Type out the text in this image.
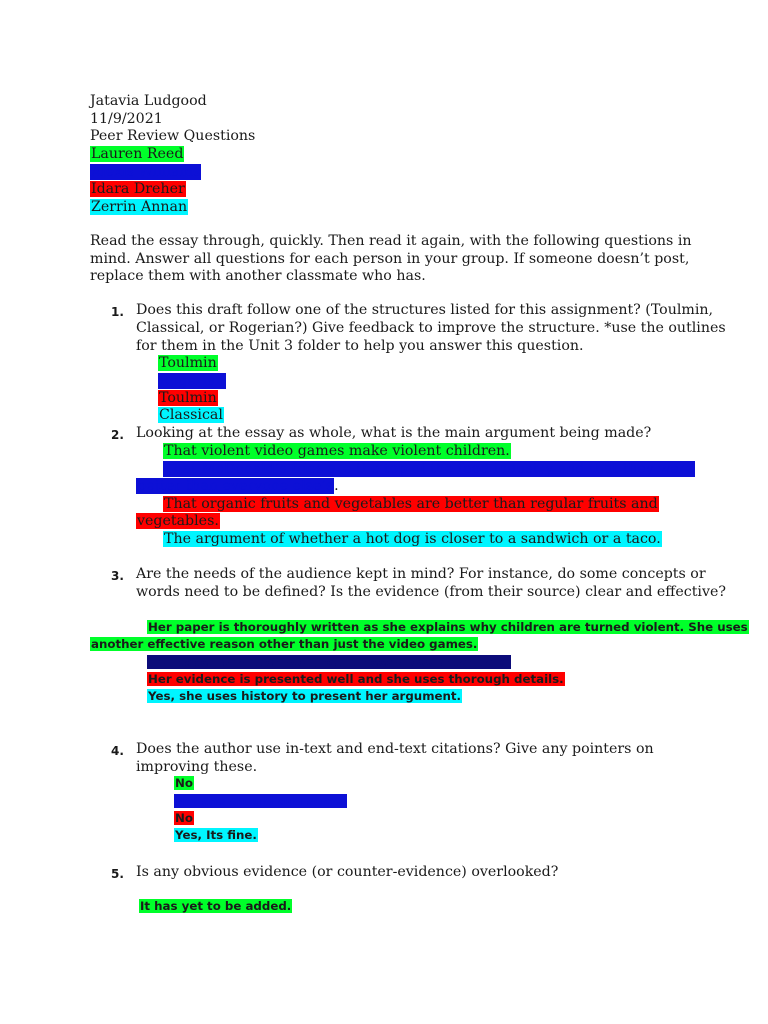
Jatavia Ludgood
11/9/2021
Peer Review Questions
Lauren Reed
Alexis Williams
Idara Dreher
Zerrin Annan
Read the essay through, quickly. Then read it again, with the following questions in
mind. Answer all questions for each person in your group. If someone doesn’t post,
replace them with another classmate who has.
1. Does this draft follow one of the structures listed for this assignment? (Toulmin,
Classical, or Rogerian?) Give feedback to improve the structure. *use the outlines
for them in the Unit 3 folder to help you answer this question.
Toulmin
Rogerian
Toulmin
Classical
2. Looking at the essay as whole, what is the main argument being made?
That violent video games make violent children.
That McDonald’s fries are the top of the food industry and that they were
better than everyone else’s.
That organic fruits and vegetables are better than regular fruits and
vegetables.
The argument of whether a hot dog is closer to a sandwich or a taco.
3. Are the needs of the audience kept in mind? For instance, do some concepts or
words need to be defined? Is the evidence (from their source) clear and effective?
Her paper is thoroughly written as she explains why children are turned violent. She uses
another effective reason other than just the video games.
Her paper is written well, but it needs less urban talk.
Her evidence is presented well and she uses thorough details.
Yes, she uses history to present her argument.
4. Does the author use in-text and end-text citations? Give any pointers on
improving these.
No
No, she should add some.
No
Yes, Its fine.
5. Is any obvious evidence (or counter-evidence) overlooked?
It has yet to be added.
